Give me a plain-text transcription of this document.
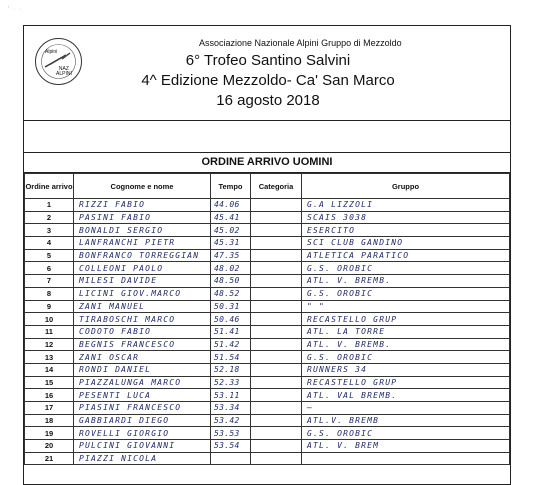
' · ·
Alpini
NAZ
ALPINI
Associazione Nazionale Alpini Gruppo di Mezzoldo
6° Trofeo Santino Salvini
4^ Edizione Mezzoldo- Ca' San Marco
16 agosto 2018
ORDINE ARRIVO UOMINI
Ordine arrivo	Cognome e nome	Tempo	Categoria	Gruppo
1	RIZZI FABIO	44.06		G.A LIZZOLI
2	PASINI FABIO	45.41		SCAIS 3038
3	BONALDI SERGIO	45.02		ESERCITO
4	LANFRANCHI PIETR	45.31		SCI CLUB GANDINO
5	BONFRANCO TORREGGIAN	47.35		ATLETICA PARATICO
6	COLLEONI PAOLO	48.02		G.S. OROBIC
7	MILESI DAVIDE	48.50		ATL. V. BREMB.
8	LICINI GIOV.MARCO	48.52		G.S. OROBIC
9	ZANI MANUEL	50.31		" "
10	TIRABOSCHI MARCO	50.46		RECASTELLO GRUP
11	CODOTO FABIO	51.41		ATL. LA TORRE
12	BEGNIS FRANCESCO	51.42		ATL. V. BREMB.
13	ZANI OSCAR	51.54		G.S. OROBIC
14	RONDI DANIEL	52.18		RUNNERS 34
15	PIAZZALUNGA MARCO	52.33		RECASTELLO GRUP
16	PESENTI LUCA	53.11		ATL. VAL BREMB.
17	PIASINI FRANCESCO	53.34		—
18	GABBIARDI DIEGO	53.42		ATL.V. BREMB
19	ROVELLI GIORGIO	53.53		G.S. OROBIC
20	PULCINI GIOVANNI	53.54		ATL. V. BREM
21	PIAZZI NICOLA			
